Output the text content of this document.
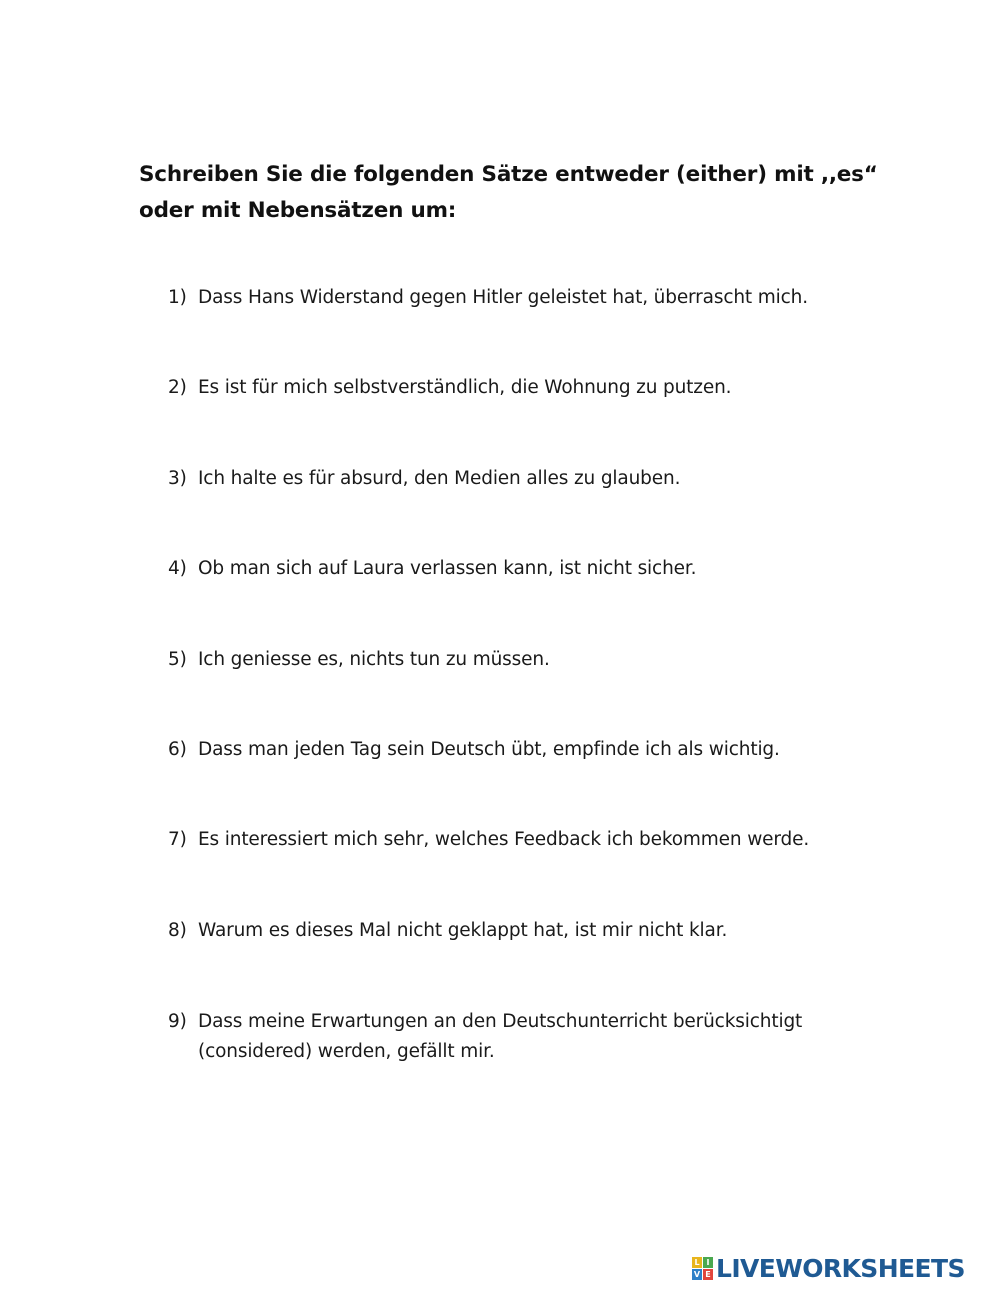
Schreiben Sie die folgenden Sätze entweder (either) mit ,,es“
oder mit Nebensätzen um:
1) Dass Hans Widerstand gegen Hitler geleistet hat, überrascht mich.
2) Es ist für mich selbstverständlich, die Wohnung zu putzen.
3) Ich halte es für absurd, den Medien alles zu glauben.
4) Ob man sich auf Laura verlassen kann, ist nicht sicher.
5) Ich geniesse es, nichts tun zu müssen.
6) Dass man jeden Tag sein Deutsch übt, empfinde ich als wichtig.
7) Es interessiert mich sehr, welches Feedback ich bekommen werde.
8) Warum es dieses Mal nicht geklappt hat, ist mir nicht klar.
9) Dass meine Erwartungen an den Deutschunterricht berücksichtigt
(considered) werden, gefällt mir.
L I
V E LIVEWORKSHEETS
